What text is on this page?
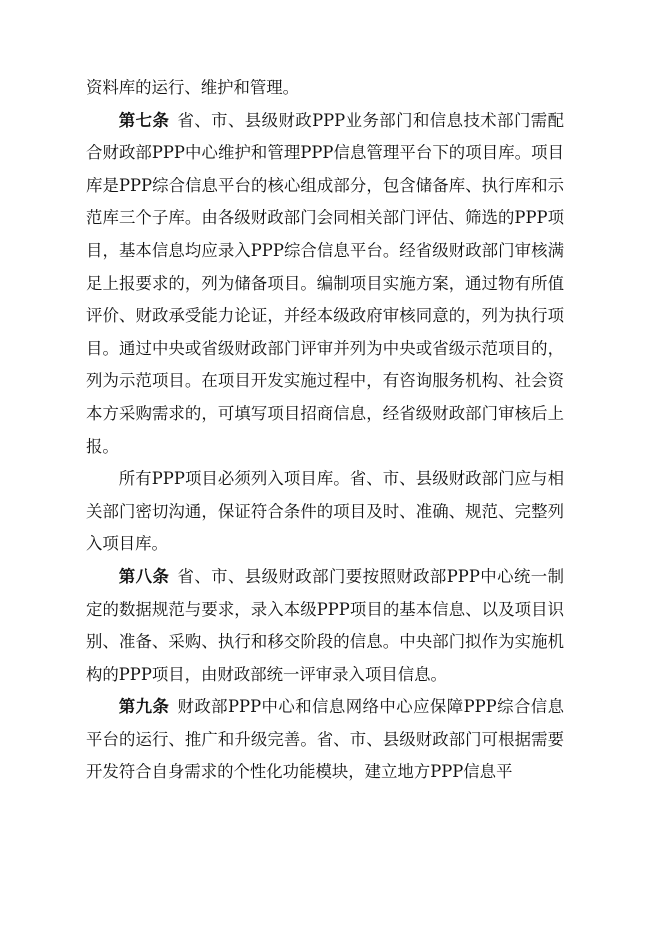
资料库的运行、维护和管理。

第七条 省、市、县级财政PPP业务部门和信息技术部门需配合财政部PPP中心维护和管理PPP信息管理平台下的项目库。项目库是PPP综合信息平台的核心组成部分，包含储备库、执行库和示范库三个子库。由各级财政部门会同相关部门评估、筛选的PPP项目，基本信息均应录入PPP综合信息平台。经省级财政部门审核满足上报要求的，列为储备项目。编制项目实施方案，通过物有所值评价、财政承受能力论证，并经本级政府审核同意的，列为执行项目。通过中央或省级财政部门评审并列为中央或省级示范项目的，列为示范项目。在项目开发实施过程中，有咨询服务机构、社会资本方采购需求的，可填写项目招商信息，经省级财政部门审核后上报。

所有PPP项目必须列入项目库。省、市、县级财政部门应与相关部门密切沟通，保证符合条件的项目及时、准确、规范、完整列入项目库。

第八条 省、市、县级财政部门要按照财政部PPP中心统一制定的数据规范与要求，录入本级PPP项目的基本信息、以及项目识别、准备、采购、执行和移交阶段的信息。中央部门拟作为实施机构的PPP项目，由财政部统一评审录入项目信息。

第九条 财政部PPP中心和信息网络中心应保障PPP综合信息平台的运行、推广和升级完善。省、市、县级财政部门可根据需要开发符合自身需求的个性化功能模块，建立地方PPP信息平
